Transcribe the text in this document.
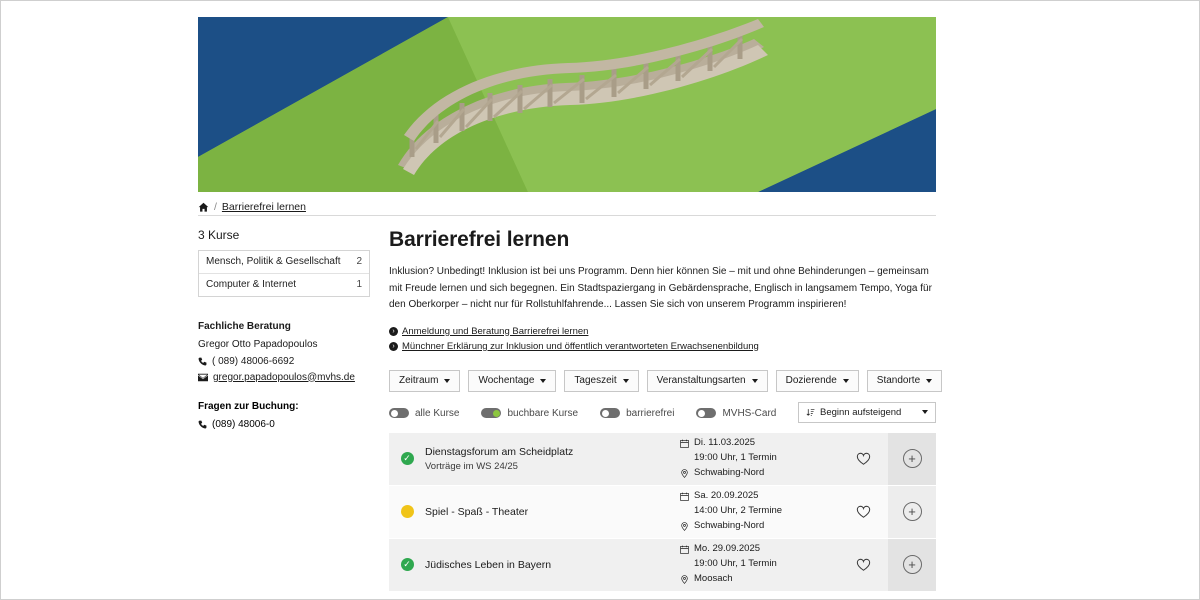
/ Barrierefrei lernen
3 Kurse
Mensch, Politik & Gesellschaft 2
Computer & Internet	1
Fachliche Beratung
Gregor Otto Papadopoulos
( 089) 48006-6692
gregor.papadopoulos@mvhs.de
Fragen zur Buchung:
(089) 48006-0
Barrierefrei lernen
Inklusion? Unbedingt! Inklusion ist bei uns Programm. Denn hier können Sie – mit und ohne Behinderungen – gemeinsam mit Freude lernen und sich begegnen. Ein Stadtspaziergang in Gebärdensprache, Englisch in langsamem Tempo, Yoga für den Oberkorper – nicht nur für Rollstuhlfahrende... Lassen Sie sich von unserem Programm inspirieren!
› Anmeldung und Beratung Barrierefrei lernen
› Münchner Erklärung zur Inklusion und öffentlich verantworteten Erwachsenenbildung
Zeitraum	Wochentage	Tageszeit	Veranstaltungsarten	Dozierende	Standorte
alle Kurse	buchbare Kurse	barrierefrei	MVHS-Card	Beginn aufsteigend
✓
Dienstagsforum am Scheidplatz
Vorträge im WS 24/25
Di. 11.03.2025
19:00 Uhr, 1 Termin
Schwabing-Nord
+
Spiel - Spaß - Theater
Sa. 20.09.2025
14:00 Uhr, 2 Termine
Schwabing-Nord
+
✓ Jüdisches Leben in Bayern
Mo. 29.09.2025
19:00 Uhr, 1 Termin
Moosach
+
